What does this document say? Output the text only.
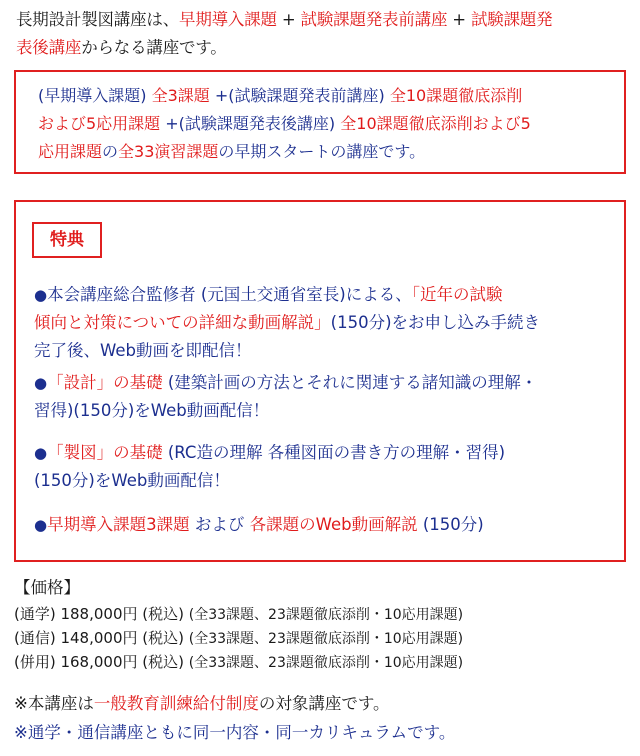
長期設計製図講座は、早期導入課題 + 試験課題発表前講座 + 試験課題発
表後講座からなる講座です。
(早期導入課題) 全3課題 +(試験課題発表前講座) 全10課題徹底添削
および5応用課題 +(試験課題発表後講座) 全10課題徹底添削および5
応用課題の全33演習課題の早期スタートの講座です。
特典
●本会講座総合監修者 (元国土交通省室長)による、「近年の試験
傾向と対策についての詳細な動画解説」(150分)をお申し込み手続き
完了後、Web動画を即配信！
●「設計」の基礎 (建築計画の方法とそれに関連する諸知識の理解・
習得)(150分)をWeb動画配信！
●「製図」の基礎 (RC造の理解 各種図面の書き方の理解・習得)
(150分)をWeb動画配信！
●早期導入課題3課題 および 各課題のWeb動画解説 (150分)
【価格】
(通学) 188,000円 (税込) (全33課題、23課題徹底添削・10応用課題)
(通信) 148,000円 (税込) (全33課題、23課題徹底添削・10応用課題)
(併用) 168,000円 (税込) (全33課題、23課題徹底添削・10応用課題)
※本講座は一般教育訓練給付制度の対象講座です。
※通学・通信講座ともに同一内容・同一カリキュラムです。
